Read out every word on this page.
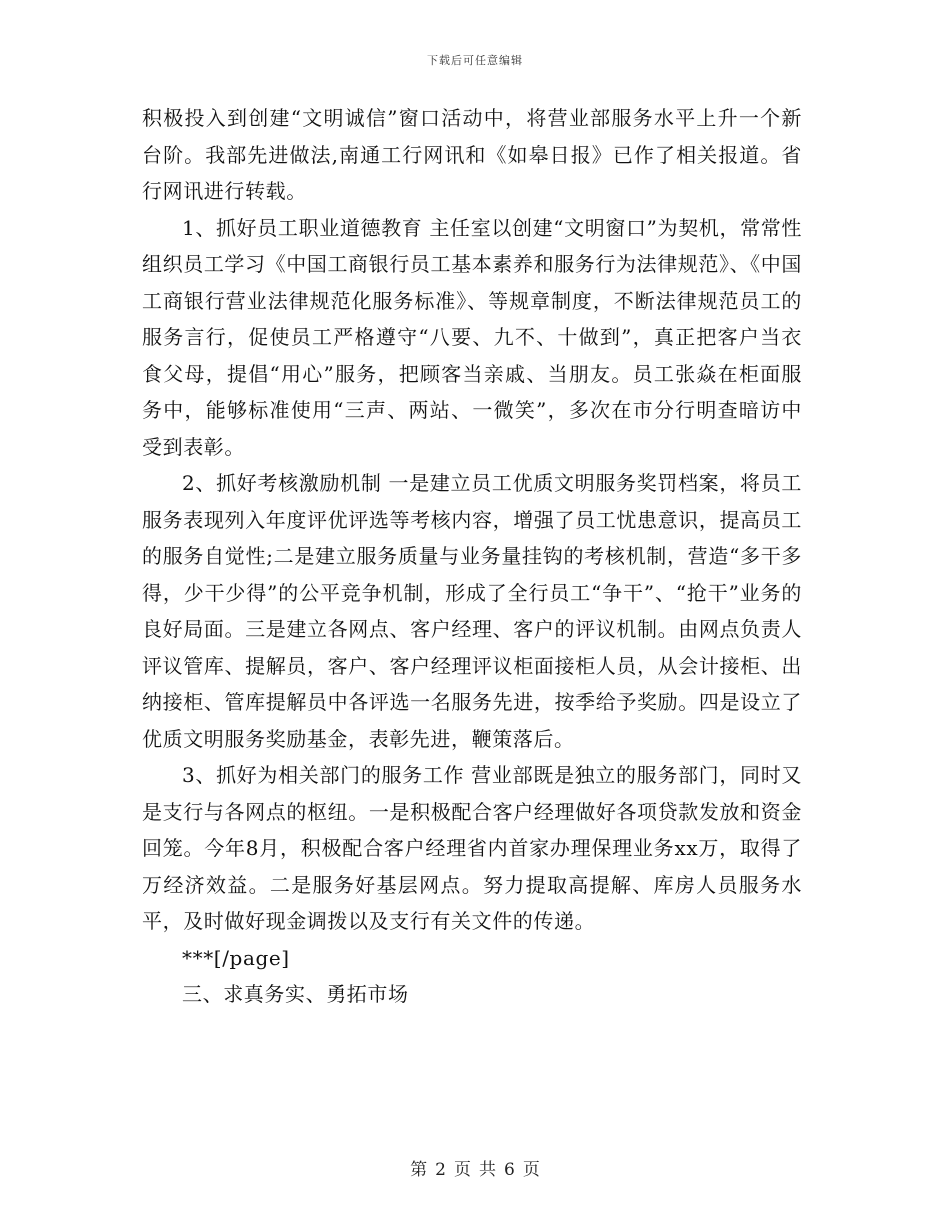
下载后可任意编辑

积极投入到创建“文明诚信”窗口活动中，将营业部服务水平上升一个新台阶。我部先进做法,南通工行网讯和《如皋日报》已作了相关报道。省行网讯进行转载。

1、抓好员工职业道德教育 主任室以创建“文明窗口”为契机，常常性组织员工学习《中国工商银行员工基本素养和服务行为法律规范》、《中国工商银行营业法律规范化服务标准》、等规章制度，不断法律规范员工的服务言行，促使员工严格遵守“八要、九不、十做到”，真正把客户当衣食父母，提倡“用心”服务，把顾客当亲戚、当朋友。员工张焱在柜面服务中，能够标准使用“三声、两站、一微笑”，多次在市分行明查暗访中受到表彰。

2、抓好考核激励机制 一是建立员工优质文明服务奖罚档案，将员工服务表现列入年度评优评选等考核内容，增强了员工忧患意识，提高员工的服务自觉性;二是建立服务质量与业务量挂钩的考核机制，营造“多干多得，少干少得”的公平竞争机制，形成了全行员工“争干”、“抢干”业务的良好局面。三是建立各网点、客户经理、客户的评议机制。由网点负责人评议管库、提解员，客户、客户经理评议柜面接柜人员，从会计接柜、出纳接柜、管库提解员中各评选一名服务先进，按季给予奖励。四是设立了优质文明服务奖励基金，表彰先进，鞭策落后。

3、抓好为相关部门的服务工作 营业部既是独立的服务部门，同时又是支行与各网点的枢纽。一是积极配合客户经理做好各项贷款发放和资金回笼。今年8月，积极配合客户经理省内首家办理保理业务xx万，取得了 万经济效益。二是服务好基层网点。努力提取高提解、库房人员服务水平，及时做好现金调拨以及支行有关文件的传递。

***[/page]

三、求真务实、勇拓市场

第 2 页 共 6 页
